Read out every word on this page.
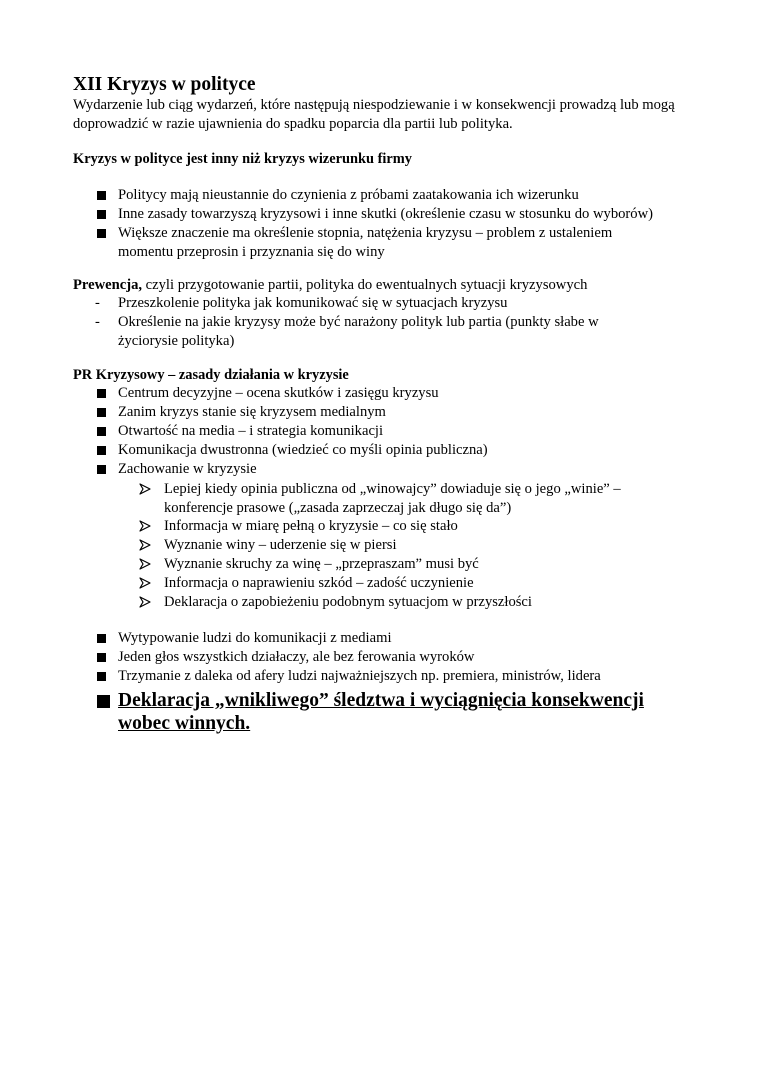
XII Kryzys w polityce
Wydarzenie lub ciąg wydarzeń, które następują niespodziewanie i w konsekwencji prowadzą lub mogą doprowadzić w razie ujawnienia do spadku poparcia dla partii lub polityka.
Kryzys w polityce jest inny niż kryzys wizerunku firmy
Politycy mają nieustannie do czynienia z próbami zaatakowania ich wizerunku
Inne zasady towarzyszą kryzysowi i inne skutki (określenie czasu w stosunku do wyborów)
Większe znaczenie ma określenie stopnia, natężenia kryzysu – problem z ustaleniem momentu przeprosin i przyznania się do winy
Prewencja, czyli przygotowanie partii, polityka do ewentualnych sytuacji kryzysowych
-	Przeszkolenie polityka jak komunikować się w sytuacjach kryzysu
-	Określenie na jakie kryzysy może być narażony polityk lub partia (punkty słabe w życiorysie polityka)
PR Kryzysowy – zasady działania w kryzysie
Centrum decyzyjne – ocena skutków i zasięgu kryzysu
Zanim kryzys stanie się kryzysem medialnym
Otwartość na media – i strategia komunikacji
Komunikacja dwustronna (wiedzieć co myśli opinia publiczna)
Zachowanie w kryzysie
Lepiej kiedy opinia publiczna od „winowajcy” dowiaduje się o jego „winie” – konferencje prasowe („zasada zaprzeczaj jak długo się da”)
Informacja w miarę pełną o kryzysie – co się stało
Wyznanie winy – uderzenie się w piersi
Wyznanie skruchy za winę – „przepraszam” musi być
Informacja o naprawieniu szkód – zadość uczynienie
Deklaracja o zapobieżeniu podobnym sytuacjom w przyszłości
Wytypowanie ludzi do komunikacji z mediami
Jeden głos wszystkich działaczy, ale bez ferowania wyroków
Trzymanie z daleka od afery ludzi najważniejszych np. premiera, ministrów, lidera
Deklaracja „wnikliwego” śledztwa i wyciągnięcia konsekwencji wobec winnych.
